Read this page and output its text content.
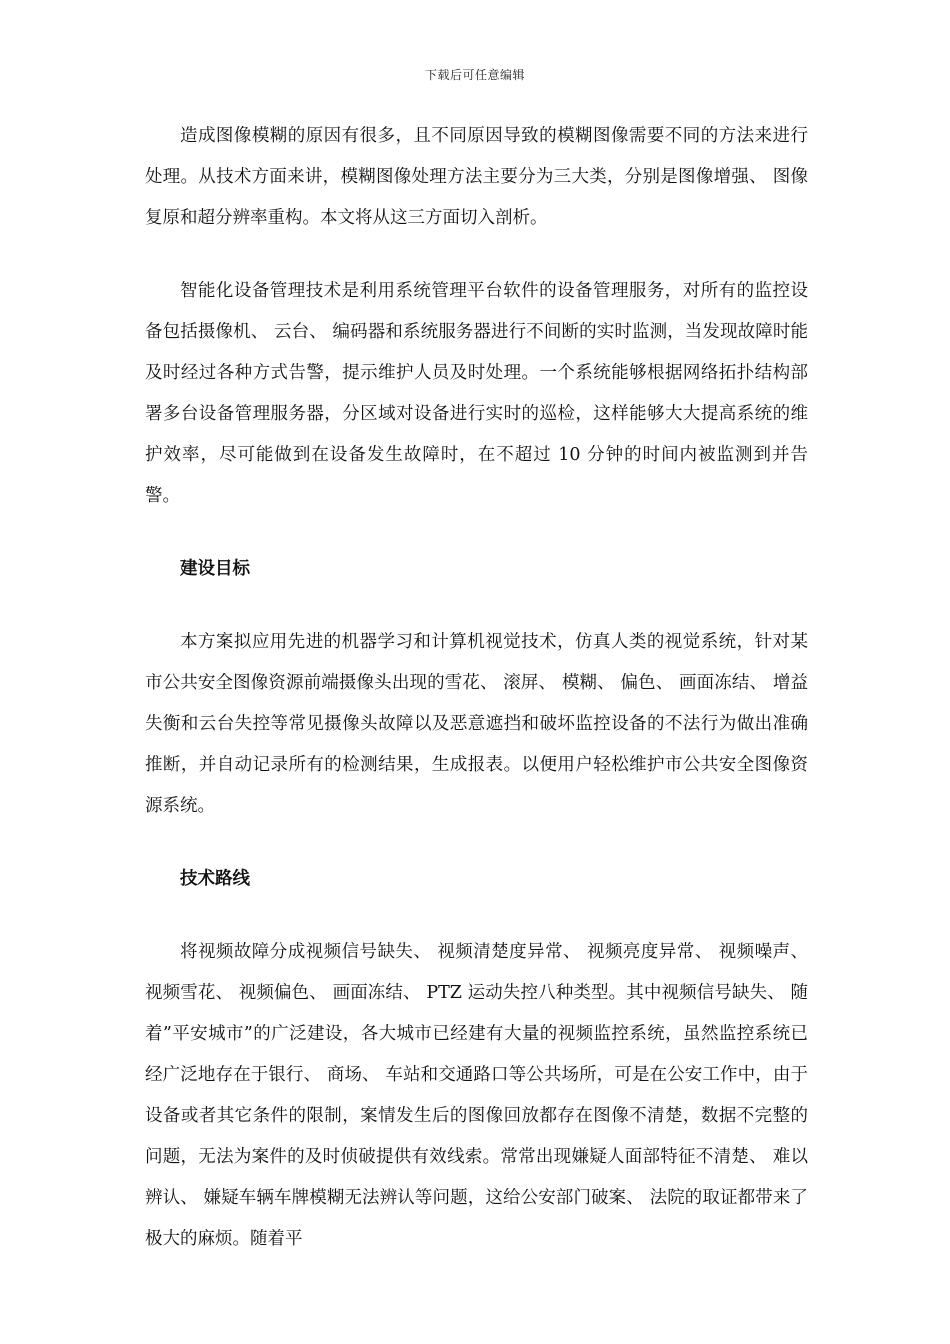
下载后可任意编辑

造成图像模糊的原因有很多，且不同原因导致的模糊图像需要不同的方法来进行处理。从技术方面来讲，模糊图像处理方法主要分为三大类，分别是图像增强、 图像复原和超分辨率重构。本文将从这三方面切入剖析。

智能化设备管理技术是利用系统管理平台软件的设备管理服务，对所有的监控设备包括摄像机、 云台、 编码器和系统服务器进行不间断的实时监测，当发现故障时能及时经过各种方式告警，提示维护人员及时处理。一个系统能够根据网络拓扑结构部署多台设备管理服务器，分区域对设备进行实时的巡检，这样能够大大提高系统的维护效率，尽可能做到在设备发生故障时，在不超过 10 分钟的时间内被监测到并告警。

建设目标

本方案拟应用先进的机器学习和计算机视觉技术，仿真人类的视觉系统，针对某市公共安全图像资源前端摄像头出现的雪花、 滚屏、 模糊、 偏色、 画面冻结、 增益失衡和云台失控等常见摄像头故障以及恶意遮挡和破坏监控设备的不法行为做出准确推断，并自动记录所有的检测结果，生成报表。以便用户轻松维护市公共安全图像资源系统。

技术路线

将视频故障分成视频信号缺失、 视频清楚度异常、 视频亮度异常、 视频噪声、 视频雪花、 视频偏色、 画面冻结、 PTZ 运动失控八种类型。其中视频信号缺失、 随着”平安城市”的广泛建设，各大城市已经建有大量的视频监控系统，虽然监控系统已经广泛地存在于银行、 商场、 车站和交通路口等公共场所，可是在公安工作中，由于设备或者其它条件的限制，案情发生后的图像回放都存在图像不清楚，数据不完整的问题，无法为案件的及时侦破提供有效线索。常常出现嫌疑人面部特征不清楚、 难以辨认、 嫌疑车辆车牌模糊无法辨认等问题，这给公安部门破案、 法院的取证都带来了极大的麻烦。随着平
